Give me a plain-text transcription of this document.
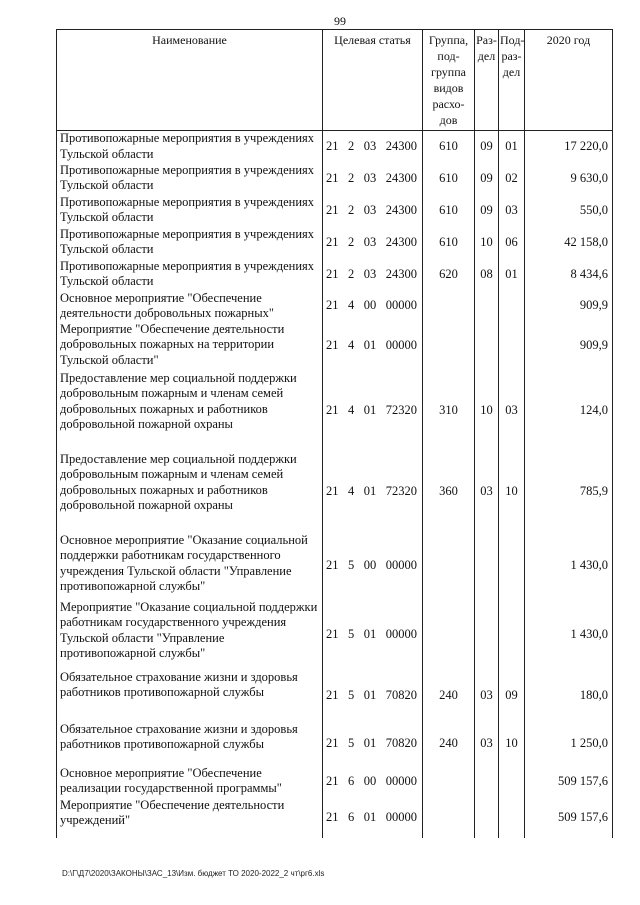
99
Наименование	Целевая статья	Группа, под-группа видов расхо-дов	Раз-дел	Под-раз-дел	2020 год
Противопожарные мероприятия в учреждениях Тульской области	21 2 03 24300	610	09	01	17 220,0
Противопожарные мероприятия в учреждениях Тульской области	21 2 03 24300	610	09	02	9 630,0
Противопожарные мероприятия в учреждениях Тульской области	21 2 03 24300	610	09	03	550,0
Противопожарные мероприятия в учреждениях Тульской области	21 2 03 24300	610	10	06	42 158,0
Противопожарные мероприятия в учреждениях Тульской области	21 2 03 24300	620	08	01	8 434,6
Основное мероприятие "Обеспечение деятельности добровольных пожарных"	21 4 00 00000				909,9
Мероприятие "Обеспечение деятельности добровольных пожарных на территории Тульской области"	21 4 01 00000				909,9
Предоставление мер социальной поддержки добровольным пожарным и членам семей добровольных пожарных и работников добровольной пожарной охраны	21 4 01 72320	310	10	03	124,0
Предоставление мер социальной поддержки добровольным пожарным и членам семей добровольных пожарных и работников добровольной пожарной охраны	21 4 01 72320	360	03	10	785,9
Основное мероприятие "Оказание социальной поддержки работникам государственного учреждения Тульской области "Управление противопожарной службы"	21 5 00 00000				1 430,0
Мероприятие "Оказание социальной поддержки работникам государственного учреждения Тульской области "Управление противопожарной службы"	21 5 01 00000				1 430,0
Обязательное страхование жизни и здоровья работников противопожарной службы	21 5 01 70820	240	03	09	180,0
Обязательное страхование жизни и здоровья работников противопожарной службы	21 5 01 70820	240	03	10	1 250,0
Основное мероприятие "Обеспечение реализации государственной программы"	21 6 00 00000				509 157,6
Мероприятие "Обеспечение деятельности учреждений"	21 6 01 00000				509 157,6
D:\Г\Д7\2020\ЗАКОНЫ\ЗАС_13\Изм. бюджет ТО 2020-2022_2 чт\рг6.xls
